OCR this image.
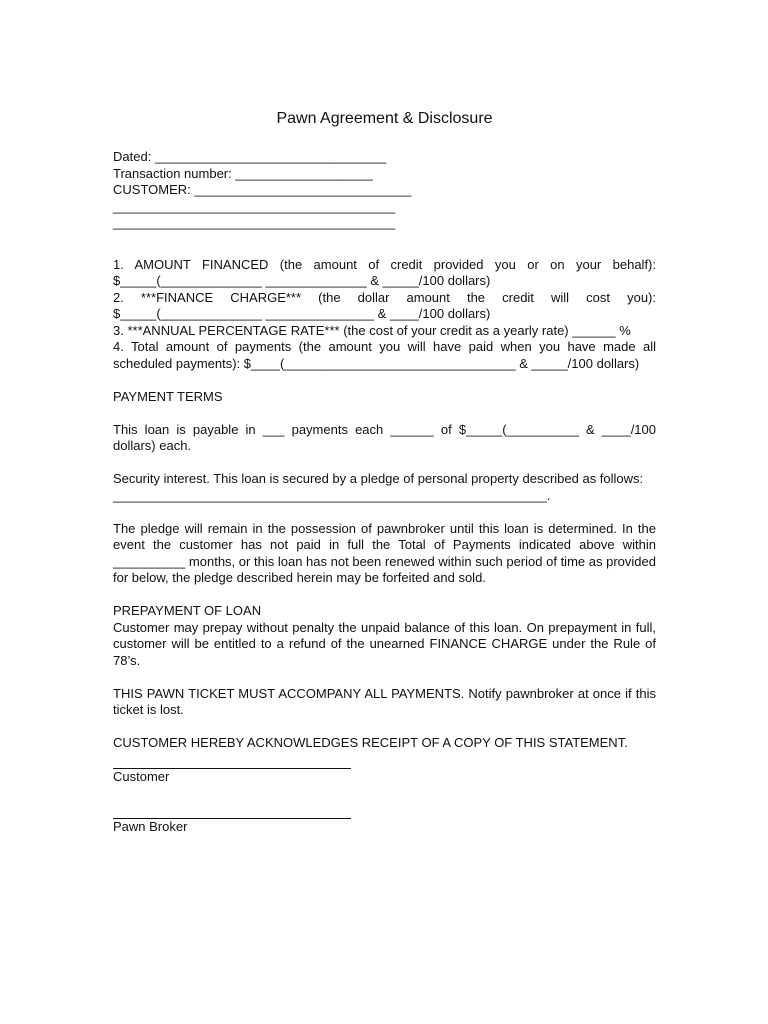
Pawn Agreement & Disclosure

Dated: ________________________________

Transaction number: ___________________

CUSTOMER: ______________________________

_______________________________________

_______________________________________

1. AMOUNT FINANCED (the amount of credit provided you or on your behalf): $_____(______________ ______________ & _____/100 dollars)

2. ***FINANCE CHARGE*** (the dollar amount the credit will cost you): $_____(______________ _______________ & ____/100 dollars)

3. ***ANNUAL PERCENTAGE RATE*** (the cost of your credit as a yearly rate) ______ %

4. Total amount of payments (the amount you will have paid when you have made all scheduled payments): $____(________________________________ & _____/100 dollars)

PAYMENT TERMS

This loan is payable in ___ payments each ______ of $_____(__________ & ____/100 dollars) each.

Security interest. This loan is secured by a pledge of personal property described as follows:

____________________________________________________________.

The pledge will remain in the possession of pawnbroker until this loan is determined. In the event the customer has not paid in full the Total of Payments indicated above within __________ months, or this loan has not been renewed within such period of time as provided for below, the pledge described herein may be forfeited and sold.

PREPAYMENT OF LOAN

Customer may prepay without penalty the unpaid balance of this loan. On prepayment in full, customer will be entitled to a refund of the unearned FINANCE CHARGE under the Rule of 78’s.

THIS PAWN TICKET MUST ACCOMPANY ALL PAYMENTS. Notify pawnbroker at once if this ticket is lost.

CUSTOMER HEREBY ACKNOWLEDGES RECEIPT OF A COPY OF THIS STATEMENT.

Customer

Pawn Broker
